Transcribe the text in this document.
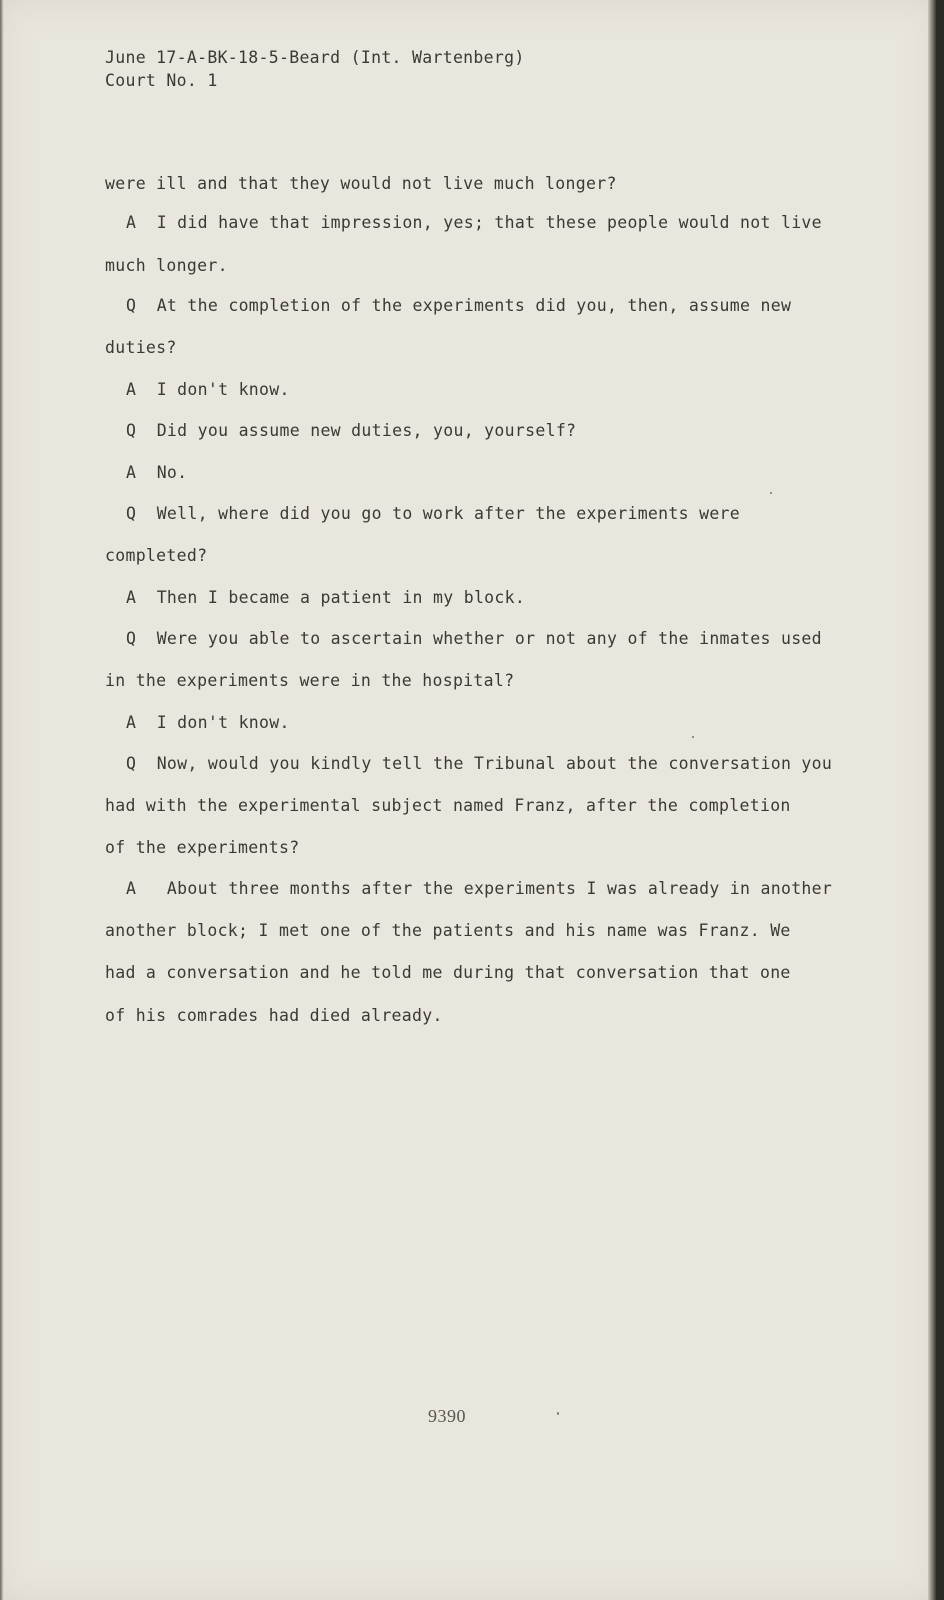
June 17-A-BK-18-5-Beard (Int. Wartenberg)
Court No. 1
were ill and that they would not live much longer?
A  I did have that impression, yes; that these people would not live
much longer.
Q  At the completion of the experiments did you, then, assume new
duties?
A  I don't know.
Q  Did you assume new duties, you, yourself?
A  No.
Q  Well, where did you go to work after the experiments were
completed?
A  Then I became a patient in my block.
Q  Were you able to ascertain whether or not any of the inmates used
in the experiments were in the hospital?
A  I don't know.
Q  Now, would you kindly tell the Tribunal about the conversation you
had with the experimental subject named Franz, after the completion
of the experiments?
A   About three months after the experiments I was already in another
another block; I met one of the patients and his name was Franz. We
had a conversation and he told me during that conversation that one
of his comrades had died already.
9390
